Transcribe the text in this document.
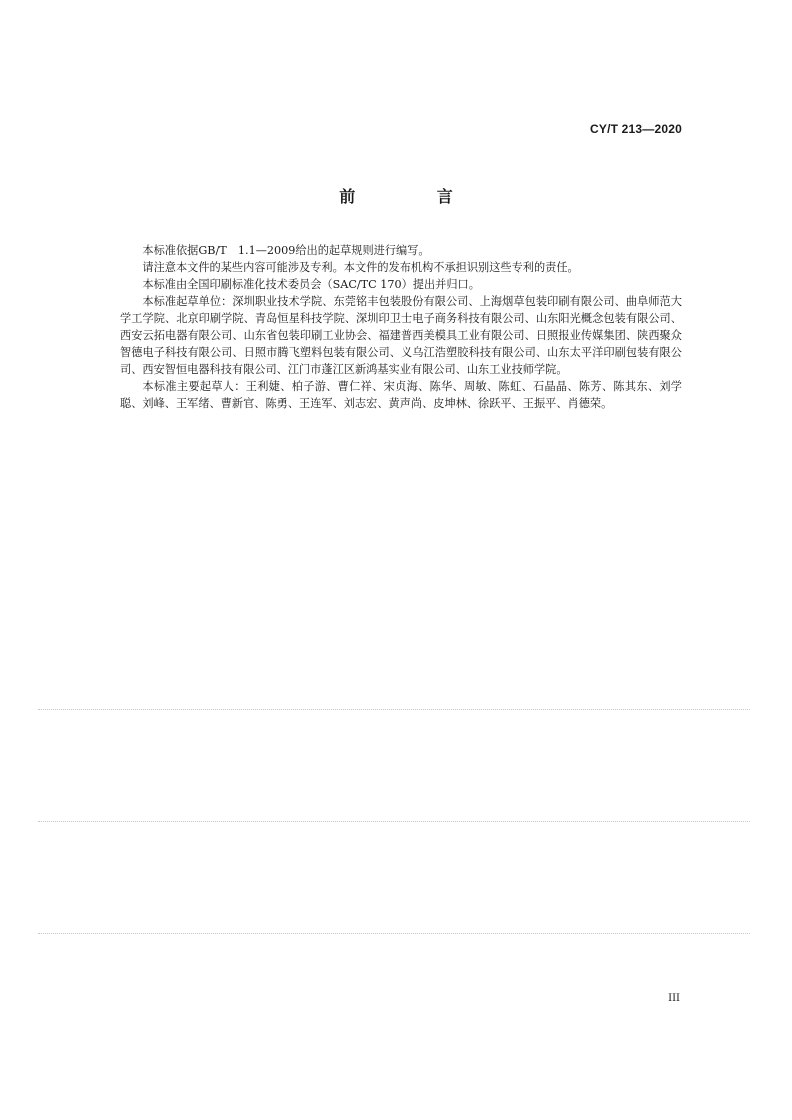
CY/T 213—2020
前 言

本标准依据GB/T　1.1—2009给出的起草规则进行编写。

请注意本文件的某些内容可能涉及专利。本文件的发布机构不承担识别这些专利的责任。

本标准由全国印刷标准化技术委员会（SAC/TC 170）提出并归口。

本标准起草单位：深圳职业技术学院、东莞铭丰包装股份有限公司、上海烟草包装印刷有限公司、曲阜师范大学工学院、北京印刷学院、青岛恒星科技学院、深圳印卫士电子商务科技有限公司、山东阳光概念包装有限公司、西安云拓电器有限公司、山东省包装印刷工业协会、福建普西美模具工业有限公司、日照报业传媒集团、陕西聚众智德电子科技有限公司、日照市腾飞塑料包装有限公司、义乌江浩塑胶科技有限公司、山东太平洋印刷包装有限公司、西安智恒电器科技有限公司、江门市蓬江区新鸿基实业有限公司、山东工业技师学院。

本标准主要起草人：王利婕、柏子游、曹仁祥、宋贞海、陈华、周敏、陈虹、石晶晶、陈芳、陈其东、刘学聪、刘峰、王军绪、曹新官、陈勇、王连军、刘志宏、黄声尚、皮坤林、徐跃平、王振平、肖德荣。

III
